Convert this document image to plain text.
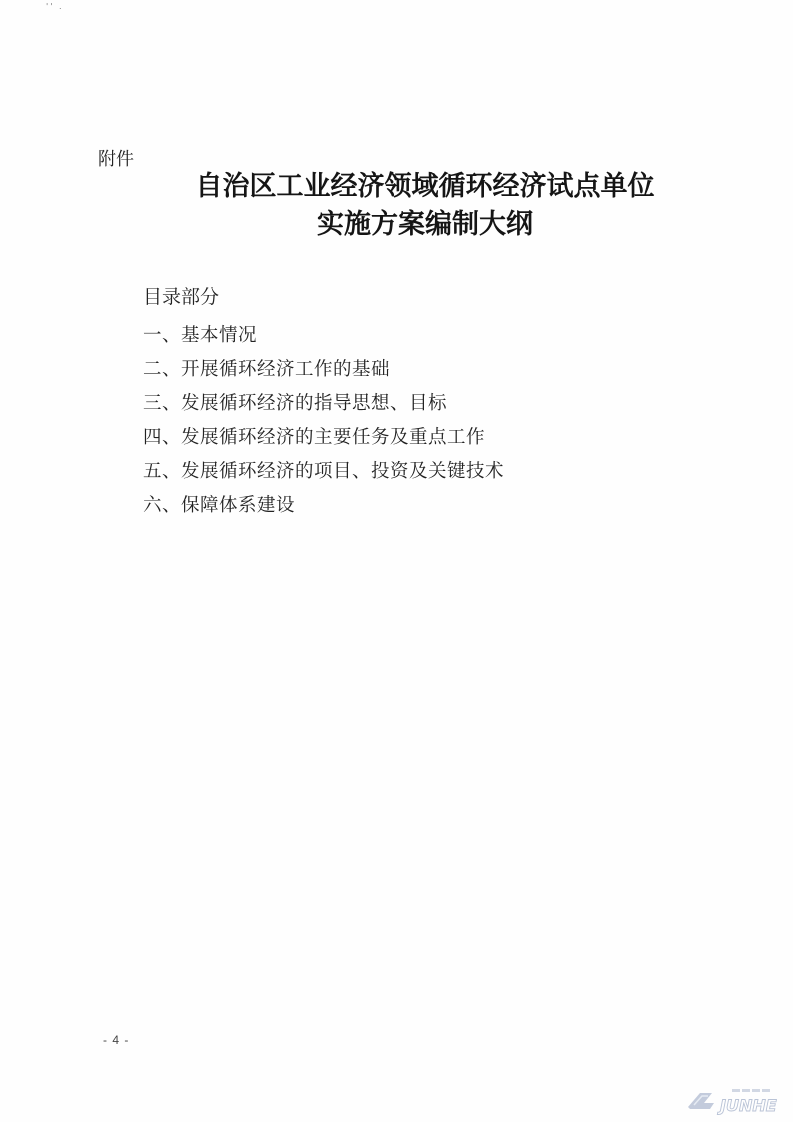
'' .
附件
自治区工业经济领域循环经济试点单位
实施方案编制大纲
目录部分
一、基本情况
二、开展循环经济工作的基础
三、发展循环经济的指导思想、目标
四、发展循环经济的主要任务及重点工作
五、发展循环经济的项目、投资及关键技术
六、保障体系建设
- 4 -
JUNHE
